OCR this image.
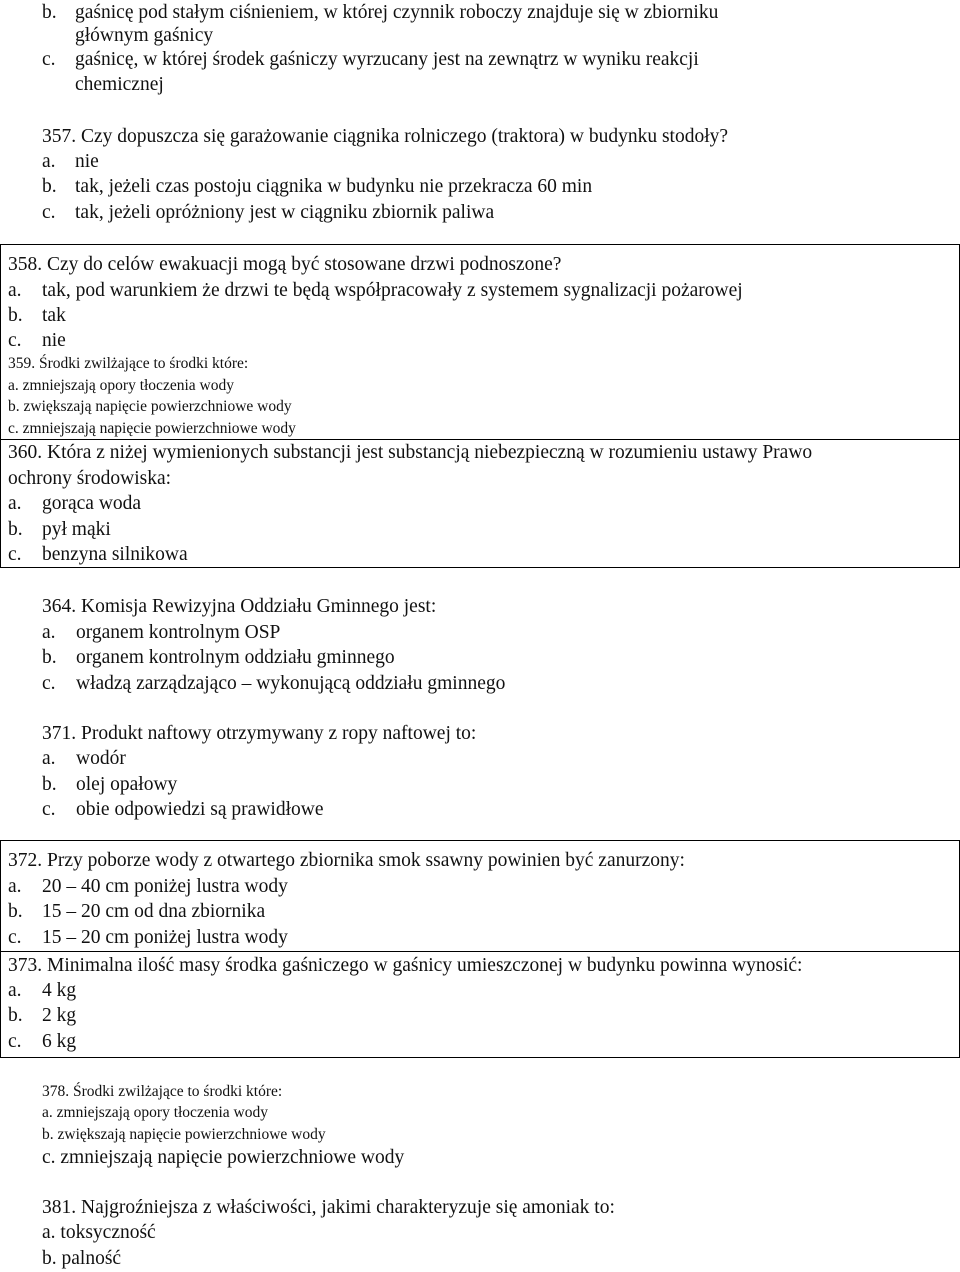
b. gaśnicę pod stałym ciśnieniem, w której czynnik roboczy znajduje się w zbiorniku
głównym gaśnicy
c. gaśnicę, w której środek gaśniczy wyrzucany jest na zewnątrz w wyniku reakcji
chemicznej
357. Czy dopuszcza się garażowanie ciągnika rolniczego (traktora) w budynku stodoły?
a. nie
b. tak, jeżeli czas postoju ciągnika w budynku nie przekracza 60 min
c. tak, jeżeli opróżniony jest w ciągniku zbiornik paliwa
358. Czy do celów ewakuacji mogą być stosowane drzwi podnoszone?
a. tak, pod warunkiem że drzwi te będą współpracowały z systemem sygnalizacji pożarowej
b. tak
c. nie
359. Środki zwilżające to środki które:
a. zmniejszają opory tłoczenia wody
b. zwiększają napięcie powierzchniowe wody
c. zmniejszają napięcie powierzchniowe wody
360. Która z niżej wymienionych substancji jest substancją niebezpieczną w rozumieniu ustawy Prawo
ochrony środowiska:
a. gorąca woda
b. pył mąki
c. benzyna silnikowa
364. Komisja Rewizyjna Oddziału Gminnego jest:
a. organem kontrolnym OSP
b. organem kontrolnym oddziału gminnego
c. władzą zarządzająco – wykonującą oddziału gminnego
371. Produkt naftowy otrzymywany z ropy naftowej to:
a. wodór
b. olej opałowy
c. obie odpowiedzi są prawidłowe
372. Przy poborze wody z otwartego zbiornika smok ssawny powinien być zanurzony:
a. 20 – 40 cm poniżej lustra wody
b. 15 – 20 cm od dna zbiornika
c. 15 – 20 cm poniżej lustra wody
373. Minimalna ilość masy środka gaśniczego w gaśnicy umieszczonej w budynku powinna wynosić:
a. 4 kg
b. 2 kg
c. 6 kg
378. Środki zwilżające to środki które:
a. zmniejszają opory tłoczenia wody
b. zwiększają napięcie powierzchniowe wody
c. zmniejszają napięcie powierzchniowe wody
381. Najgroźniejsza z właściwości, jakimi charakteryzuje się amoniak to:
a. toksyczność
b. palność
